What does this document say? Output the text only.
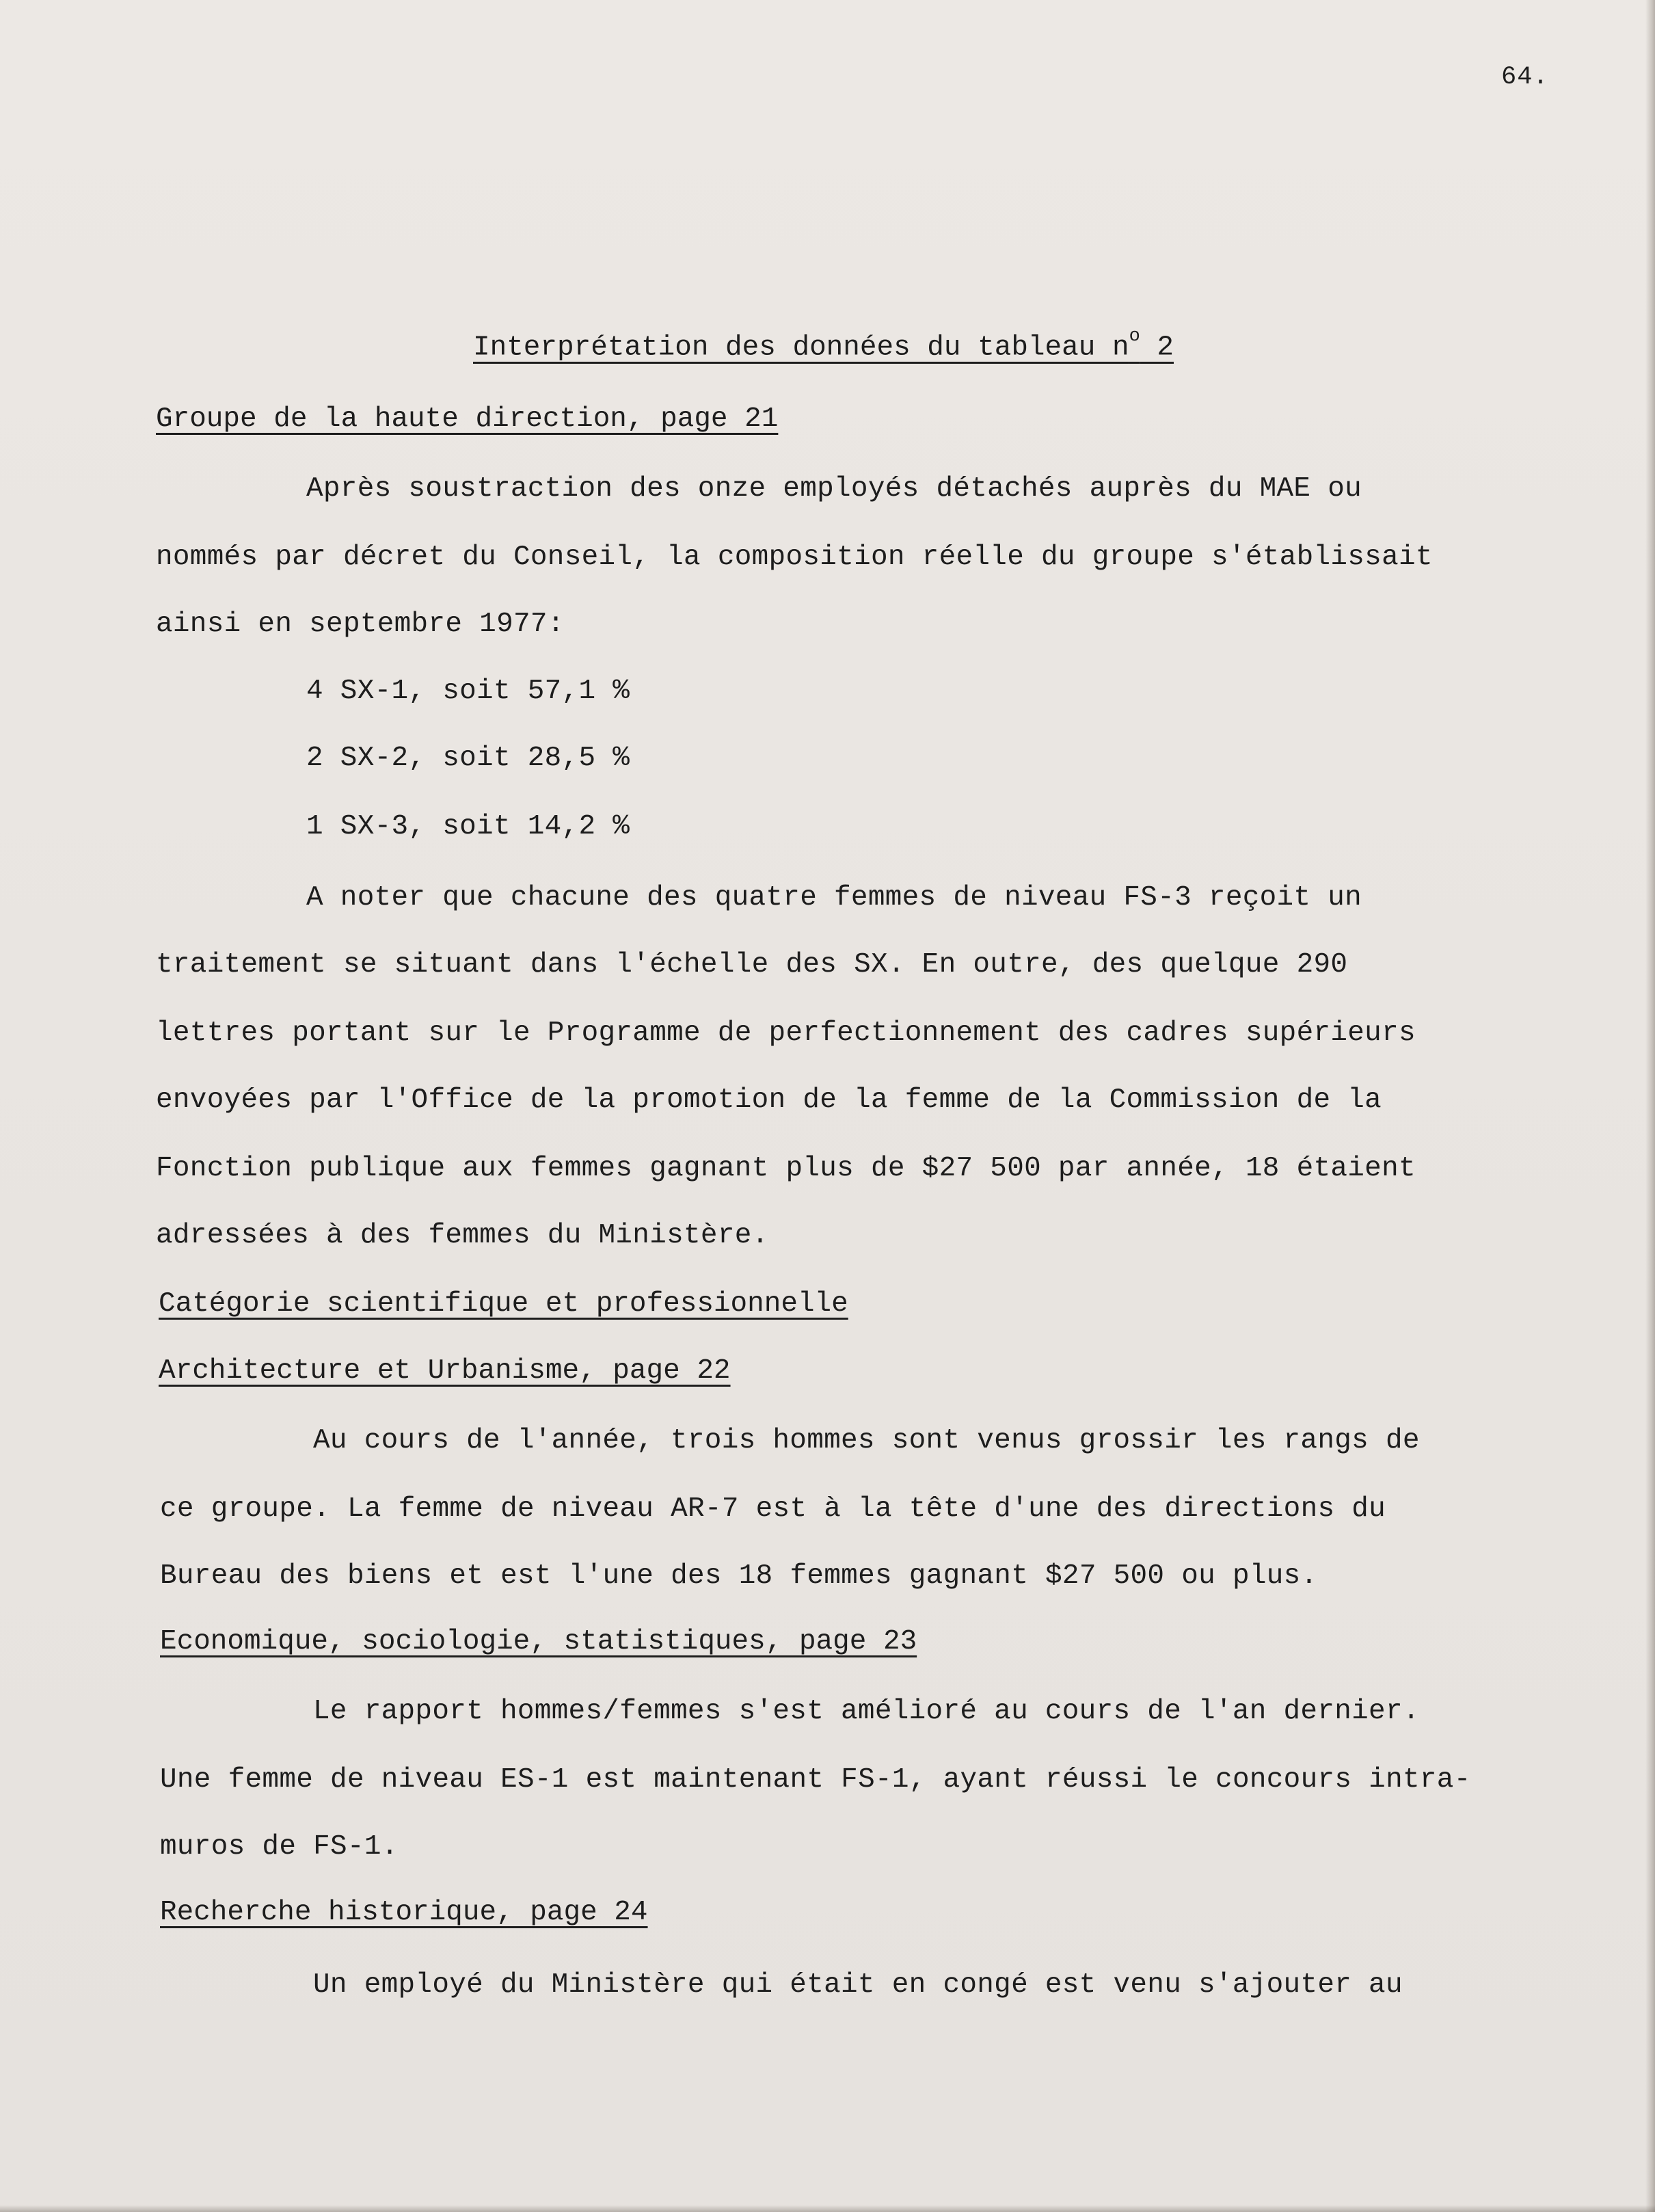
64.
Interprétation des données du tableau $n^o$ 2
Groupe de la haute direction, page 21
Après soustraction des onze employés détachés auprès du MAE ou
nommés par décret du Conseil, la composition réelle du groupe s'établissait
ainsi en septembre 1977:
4 SX-1, soit 57,1 %
2 SX-2, soit 28,5 %
1 SX-3, soit 14,2 %
A noter que chacune des quatre femmes de niveau FS-3 reçoit un
traitement se situant dans l'échelle des SX. En outre, des quelque 290
lettres portant sur le Programme de perfectionnement des cadres supérieurs
envoyées par l'Office de la promotion de la femme de la Commission de la
Fonction publique aux femmes gagnant plus de $27 500 par année, 18 étaient
adressées à des femmes du Ministère.
Catégorie scientifique et professionnelle
Architecture et Urbanisme, page 22
Au cours de l'année, trois hommes sont venus grossir les rangs de
ce groupe. La femme de niveau AR-7 est à la tête d'une des directions du
Bureau des biens et est l'une des 18 femmes gagnant $27 500 ou plus.
Economique, sociologie, statistiques, page 23
Le rapport hommes/femmes s'est amélioré au cours de l'an dernier.
Une femme de niveau ES-1 est maintenant FS-1, ayant réussi le concours intra-
muros de FS-1.
Recherche historique, page 24
Un employé du Ministère qui était en congé est venu s'ajouter au
